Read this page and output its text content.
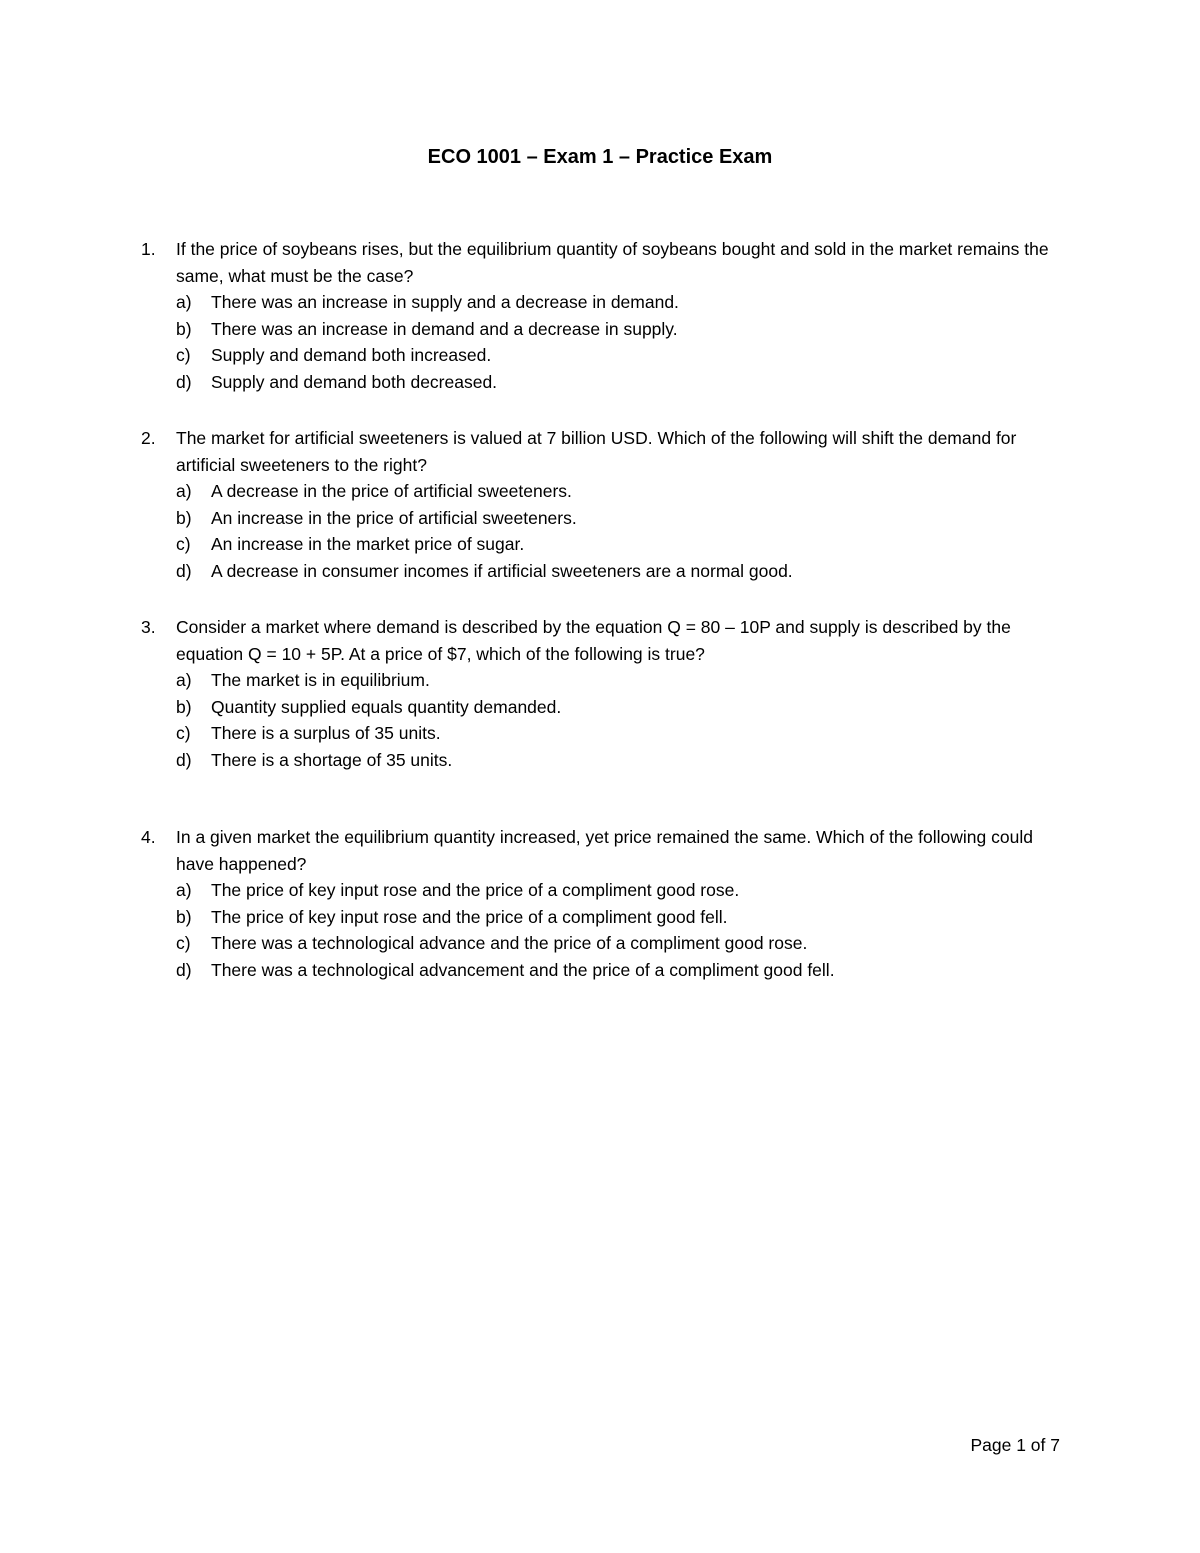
ECO 1001 – Exam 1 – Practice Exam
1.	If the price of soybeans rises, but the equilibrium quantity of soybeans bought and sold in the market remains the same, what must be the case?
a) There was an increase in supply and a decrease in demand.
b) There was an increase in demand and a decrease in supply.
c) Supply and demand both increased.
d) Supply and demand both decreased.
2.	The market for artificial sweeteners is valued at 7 billion USD. Which of the following will shift the demand for artificial sweeteners to the right?
a) A decrease in the price of artificial sweeteners.
b) An increase in the price of artificial sweeteners.
c) An increase in the market price of sugar.
d) A decrease in consumer incomes if artificial sweeteners are a normal good.
3.	Consider a market where demand is described by the equation Q = 80 – 10P and supply is described by the equation Q = 10 + 5P. At a price of $7, which of the following is true?
a) The market is in equilibrium.
b) Quantity supplied equals quantity demanded.
c) There is a surplus of 35 units.
d) There is a shortage of 35 units.
4.	In a given market the equilibrium quantity increased, yet price remained the same. Which of the following could have happened?
a) The price of key input rose and the price of a compliment good rose.
b) The price of key input rose and the price of a compliment good fell.
c) There was a technological advance and the price of a compliment good rose.
d) There was a technological advancement and the price of a compliment good fell.
Page 1 of 7
